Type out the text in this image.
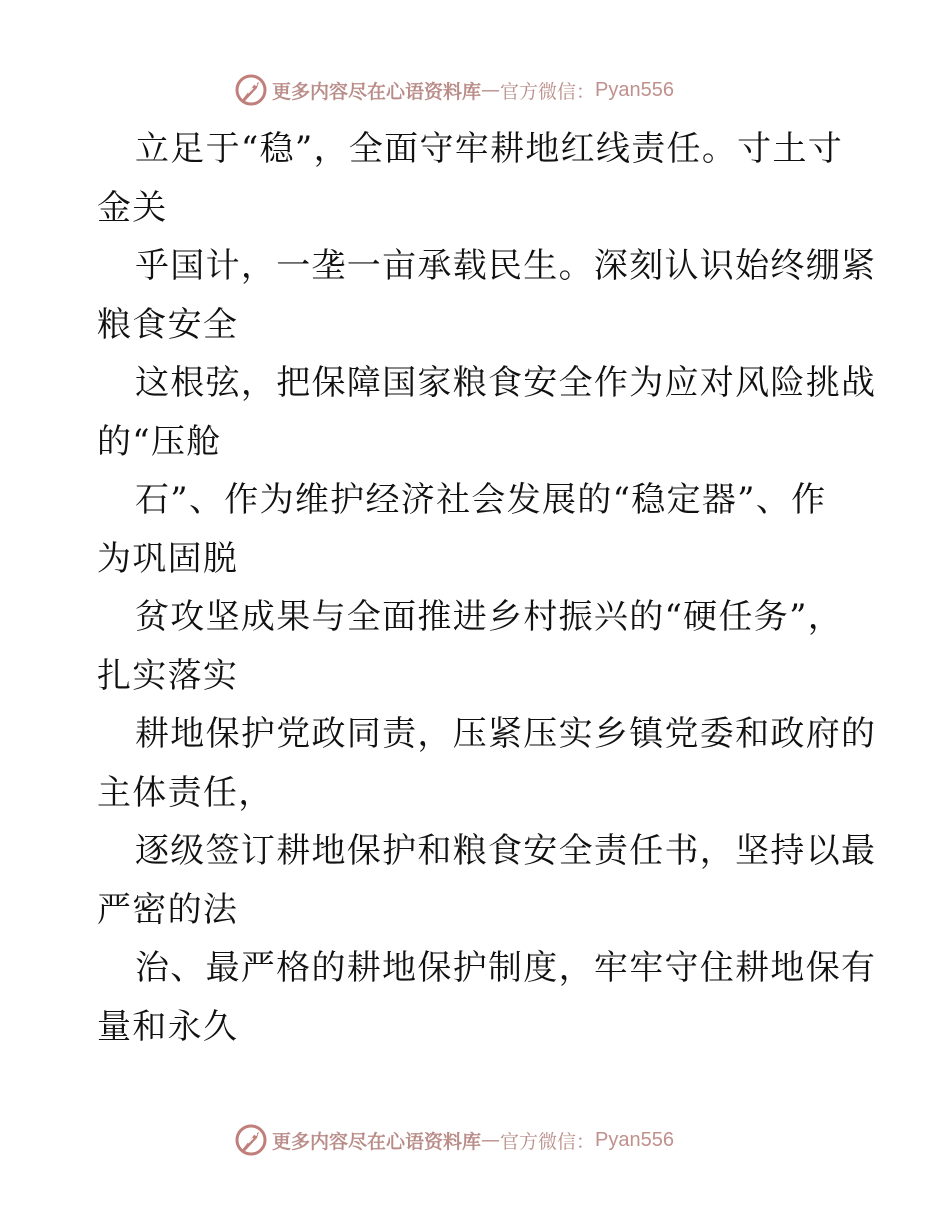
更多内容尽在心语资料库 — 官方微信： Pyan556
立足于“稳”，全面守牢耕地红线责任。寸土寸
金关
乎国计，一垄一亩承载民生。深刻认识始终绷紧
粮食安全
这根弦，把保障国家粮食安全作为应对风险挑战
的“压舱
石”、作为维护经济社会发展的“稳定器”、作
为巩固脱
贫攻坚成果与全面推进乡村振兴的“硬任务”，
扎实落实
耕地保护党政同责，压紧压实乡镇党委和政府的
主体责任，
逐级签订耕地保护和粮食安全责任书，坚持以最
严密的法
治、最严格的耕地保护制度，牢牢守住耕地保有
量和永久
更多内容尽在心语资料库 — 官方微信： Pyan556
